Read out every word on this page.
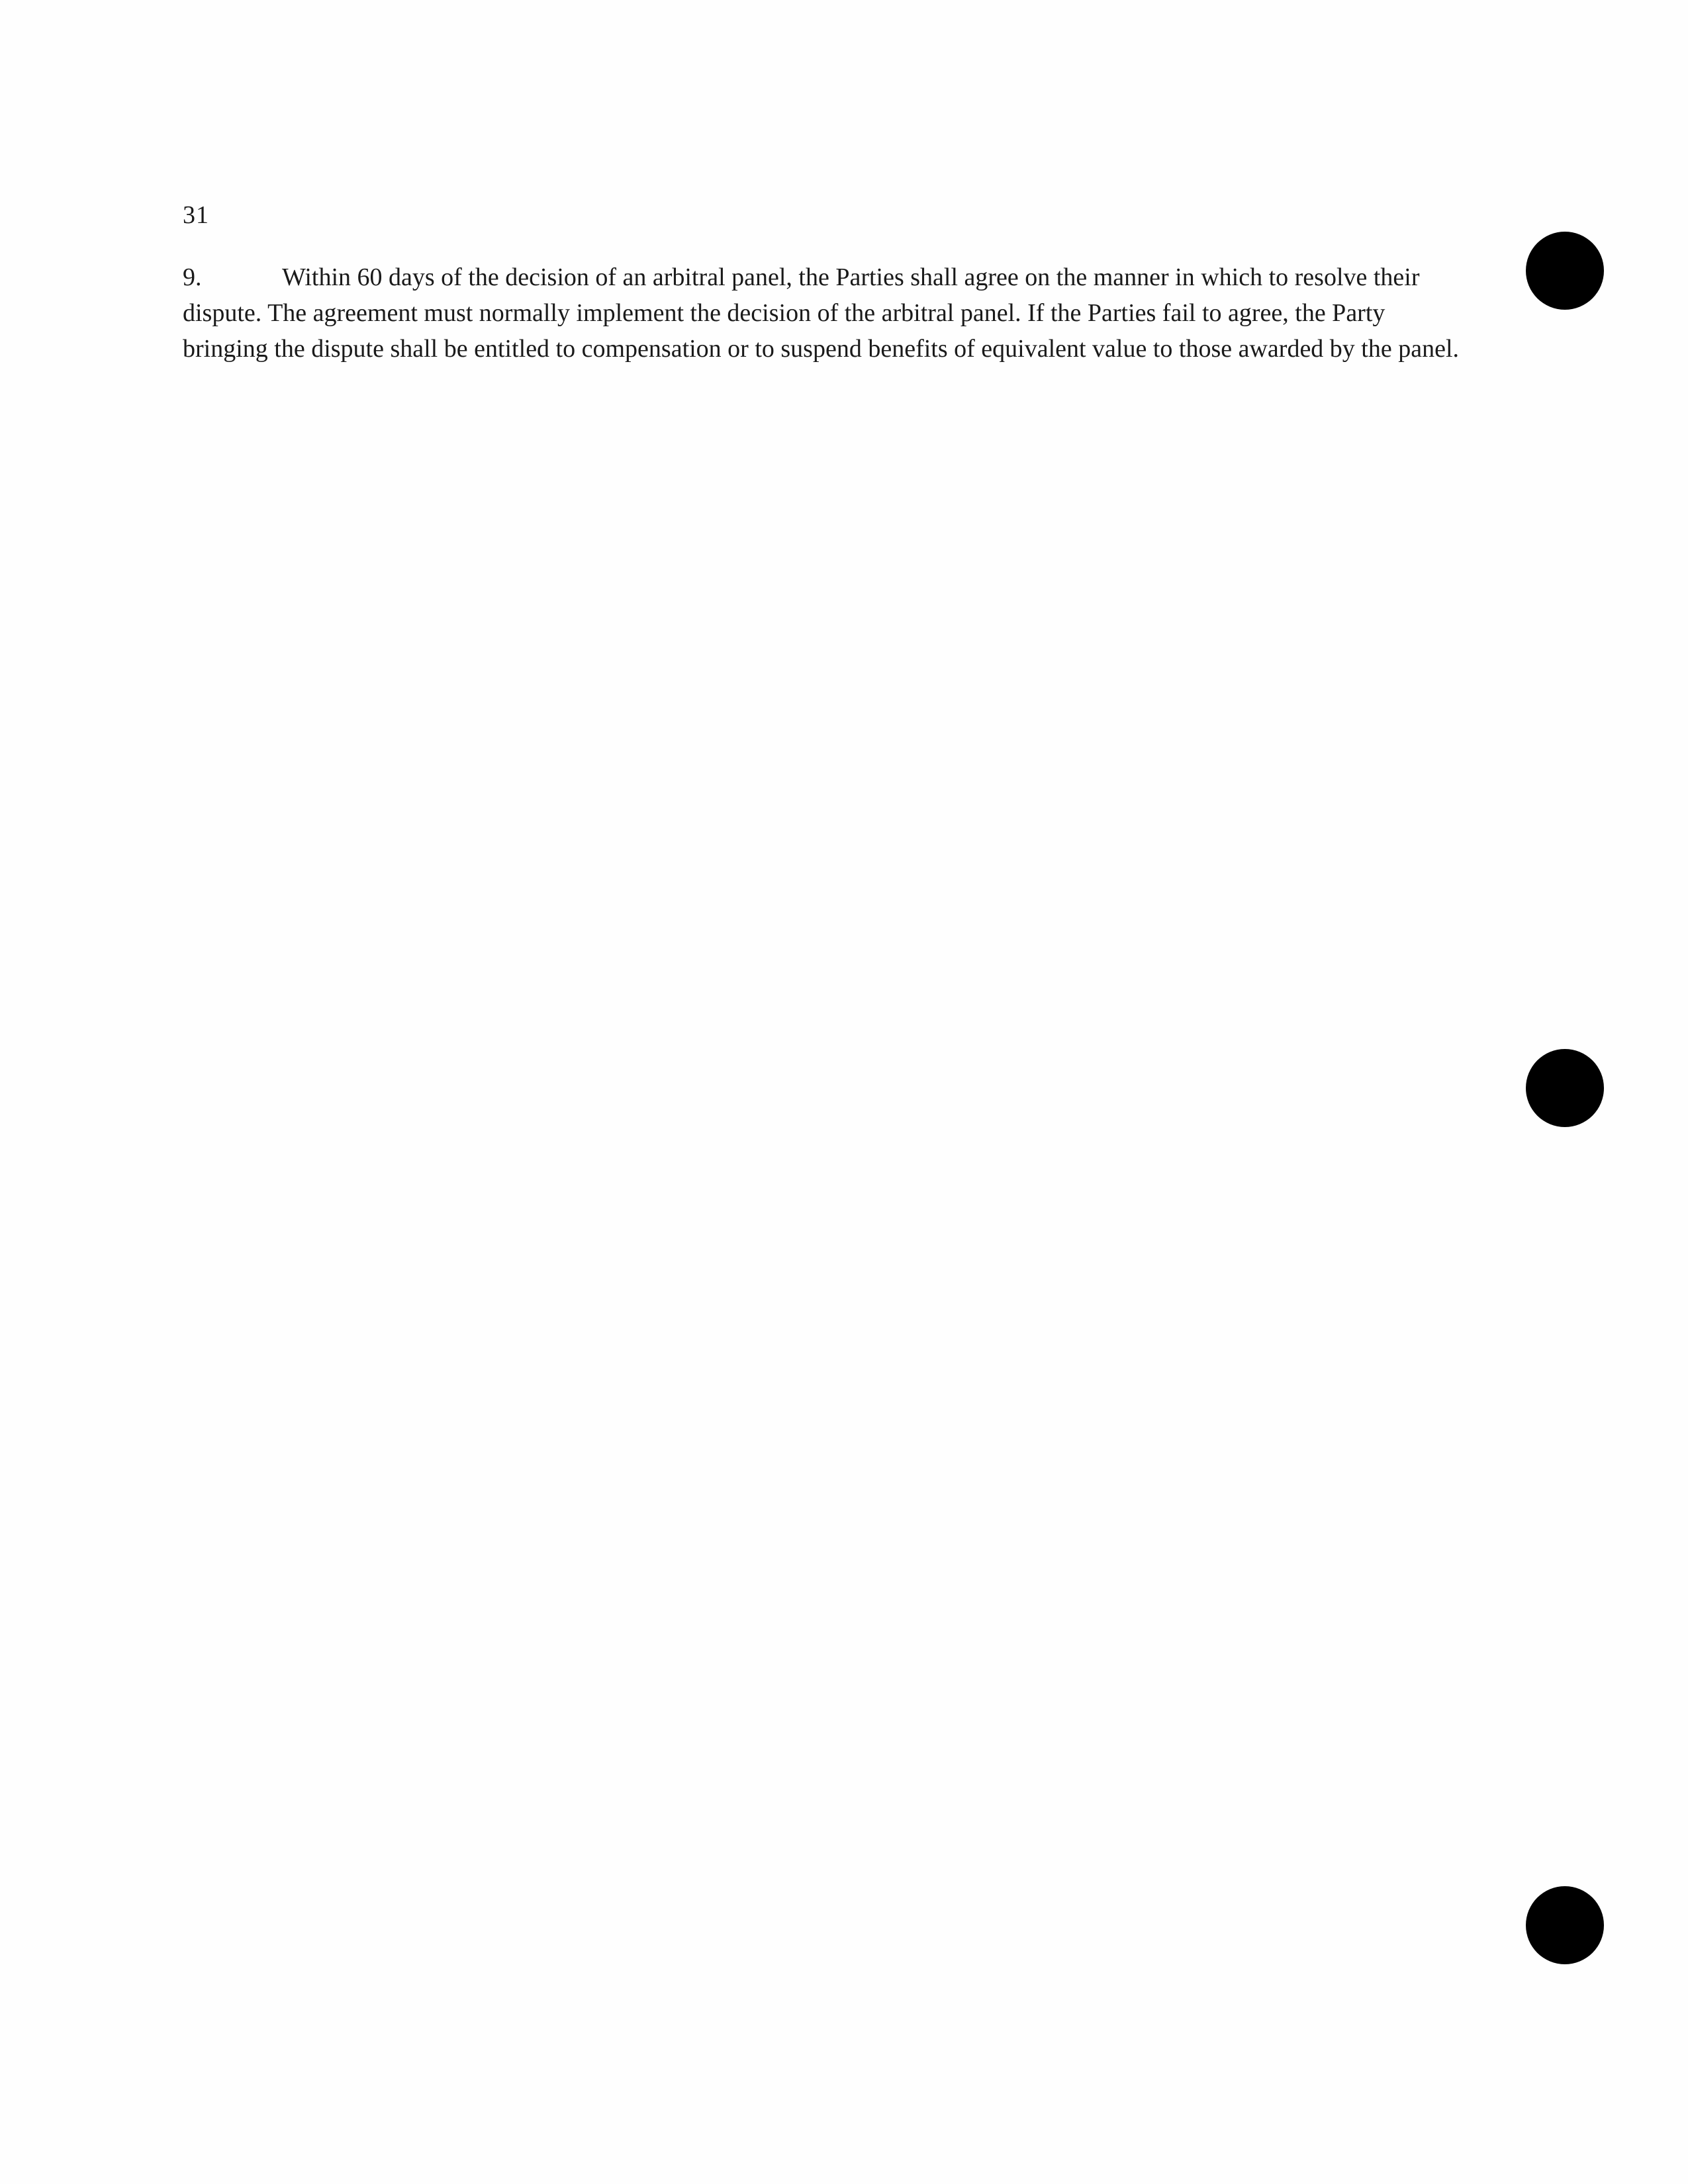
31

9.	Within 60 days of the decision of an arbitral panel, the Parties shall agree on the manner in which to resolve their dispute. The agreement must normally implement the decision of the arbitral panel. If the Parties fail to agree, the Party bringing the dispute shall be entitled to compensation or to suspend benefits of equivalent value to those awarded by the panel.
